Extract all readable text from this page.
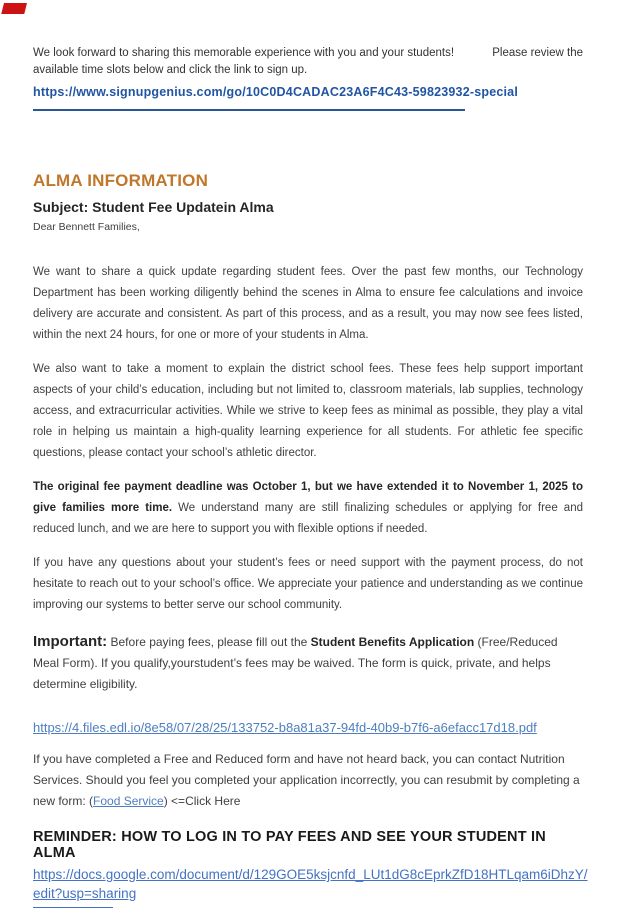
We look forward to sharing this memorable experience with you and your students!	Please review the
available time slots below and click the link to sign up.
https://www.signupgenius.com/go/10C0D4CADAC23A6F4C43-59823932-special
ALMA INFORMATION
Subject: Student Fee Updatein Alma
Dear Bennett Families,

We want to share a quick update regarding student fees. Over the past few months, our Technology Department has been working diligently behind the scenes in Alma to ensure fee calculations and invoice delivery are accurate and consistent. As part of this process, and as a result, you may now see fees listed, within the next 24 hours, for one or more of your students in Alma.

We also want to take a moment to explain the district school fees. These fees help support important aspects of your child’s education, including but not limited to, classroom materials, lab supplies, technology access, and extracurricular activities. While we strive to keep fees as minimal as possible, they play a vital role in helping us maintain a high-quality learning experience for all students. For athletic fee specific questions, please contact your school’s athletic director.

The original fee payment deadline was October 1, but we have extended it to November 1, 2025 to give families more time. We understand many are still finalizing schedules or applying for free and reduced lunch, and we are here to support you with flexible options if needed.

If you have any questions about your student’s fees or need support with the payment process, do not hesitate to reach out to your school’s office. We appreciate your patience and understanding as we continue improving our systems to better serve our school community.

Important: Before paying fees, please fill out the Student Benefits Application (Free/Reduced Meal Form). If you qualify,yourstudent’s fees may be waived. The form is quick, private, and helps determine eligibility.

https://4.files.edl.io/8e58/07/28/25/133752-b8a81a37-94fd-40b9-b7f6-a6efacc17d18.pdf

If you have completed a Free and Reduced form and have not heard back, you can contact Nutrition Services. Should you feel you completed your application incorrectly, you can resubmit by completing a new form: (Food Service) <=Click Here

REMINDER: HOW TO LOG IN TO PAY FEES AND SEE YOUR STUDENT IN ALMA
https://docs.google.com/document/d/129GOE5ksjcnfd_LUt1dG8cEprkZfD18HTLqam6iDhzY/
edit?usp=sharing
